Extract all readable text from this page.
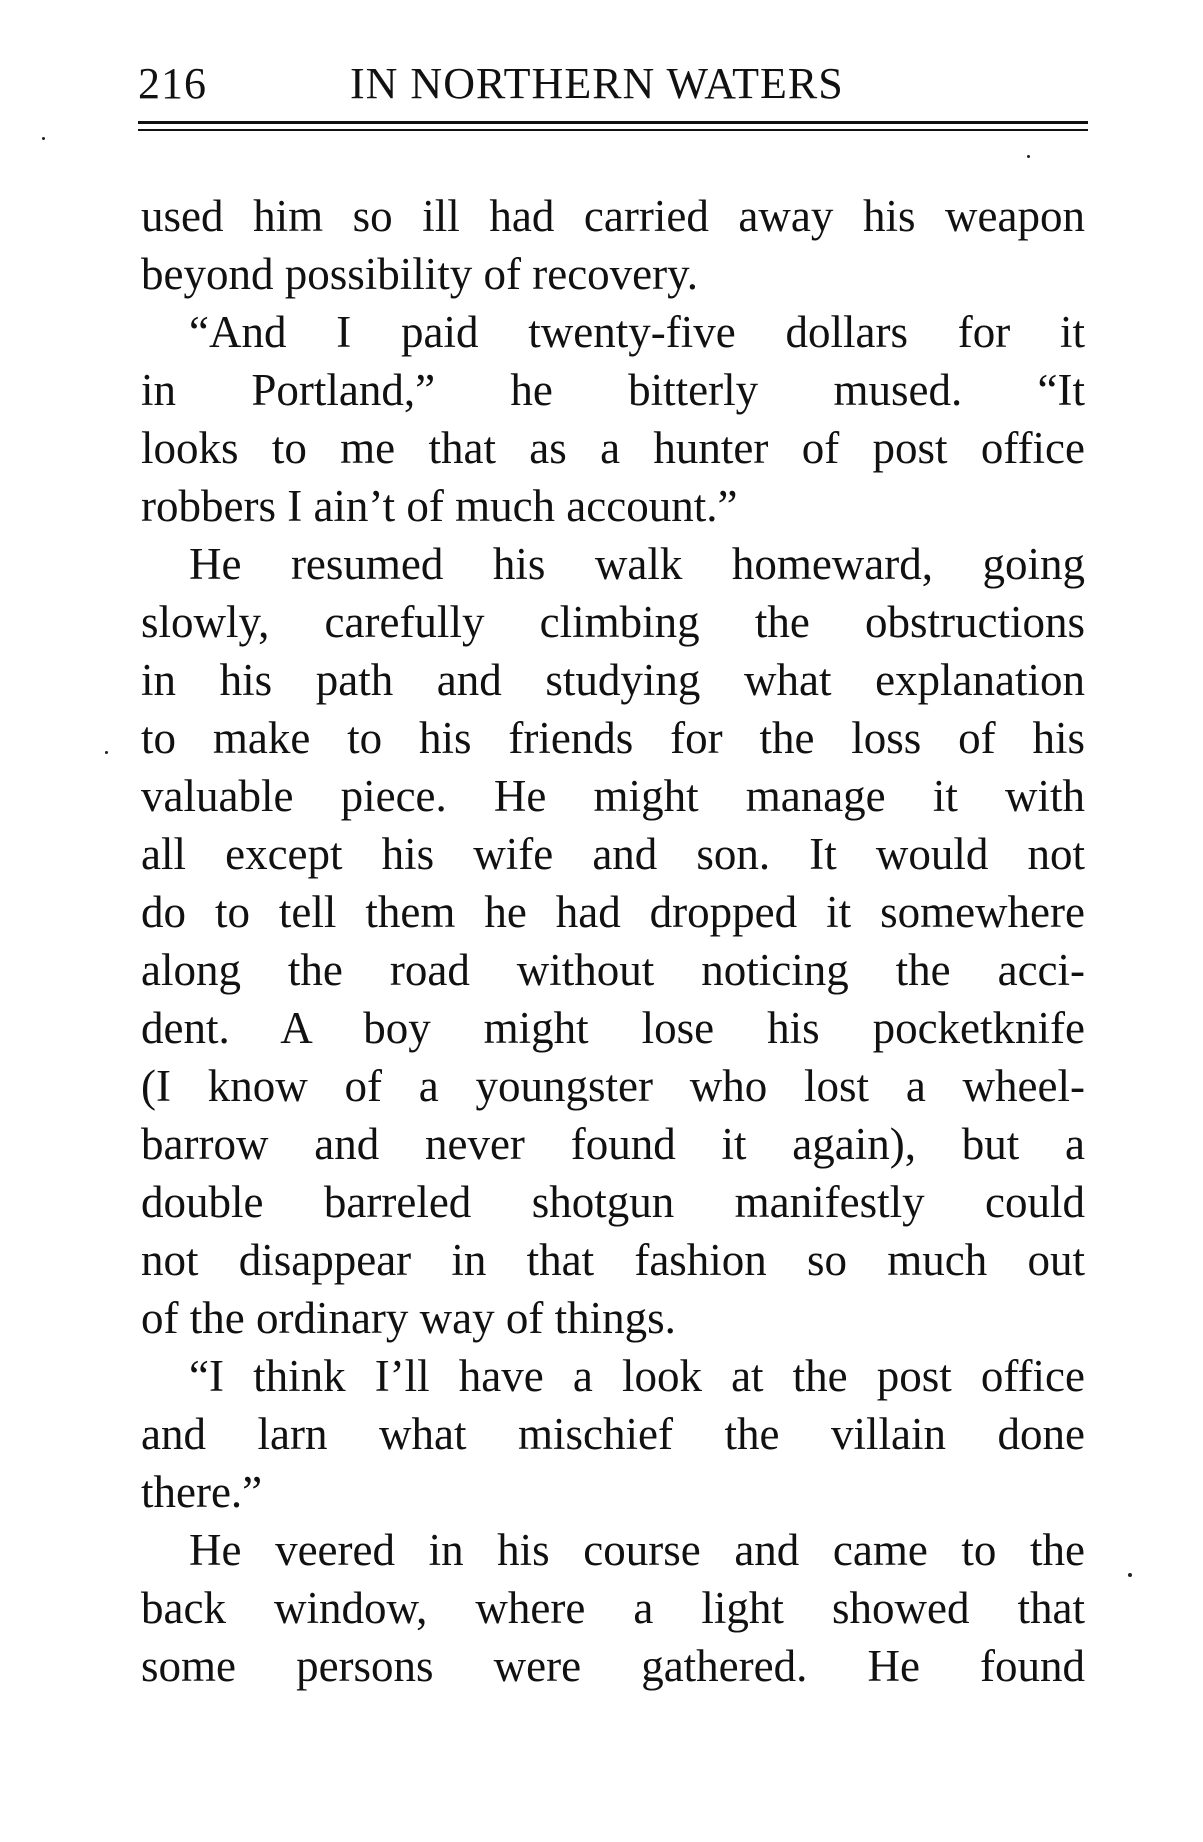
216	IN NORTHERN WATERS
used him so ill had carried away his weapon
beyond possibility of recovery.
“And I paid twenty-five dollars for it
in Portland,” he bitterly mused. “It
looks to me that as a hunter of post office
robbers I ain’t of much account.”
He resumed his walk homeward, going
slowly, carefully climbing the obstructions
in his path and studying what explanation
to make to his friends for the loss of his
valuable piece. He might manage it with
all except his wife and son. It would not
do to tell them he had dropped it somewhere
along the road without noticing the acci-
dent. A boy might lose his pocketknife
(I know of a youngster who lost a wheel-
barrow and never found it again), but a
double barreled shotgun manifestly could
not disappear in that fashion so much out
of the ordinary way of things.
“I think I’ll have a look at the post office
and larn what mischief the villain done
there.”
He veered in his course and came to the
back window, where a light showed that
some persons were gathered. He found
